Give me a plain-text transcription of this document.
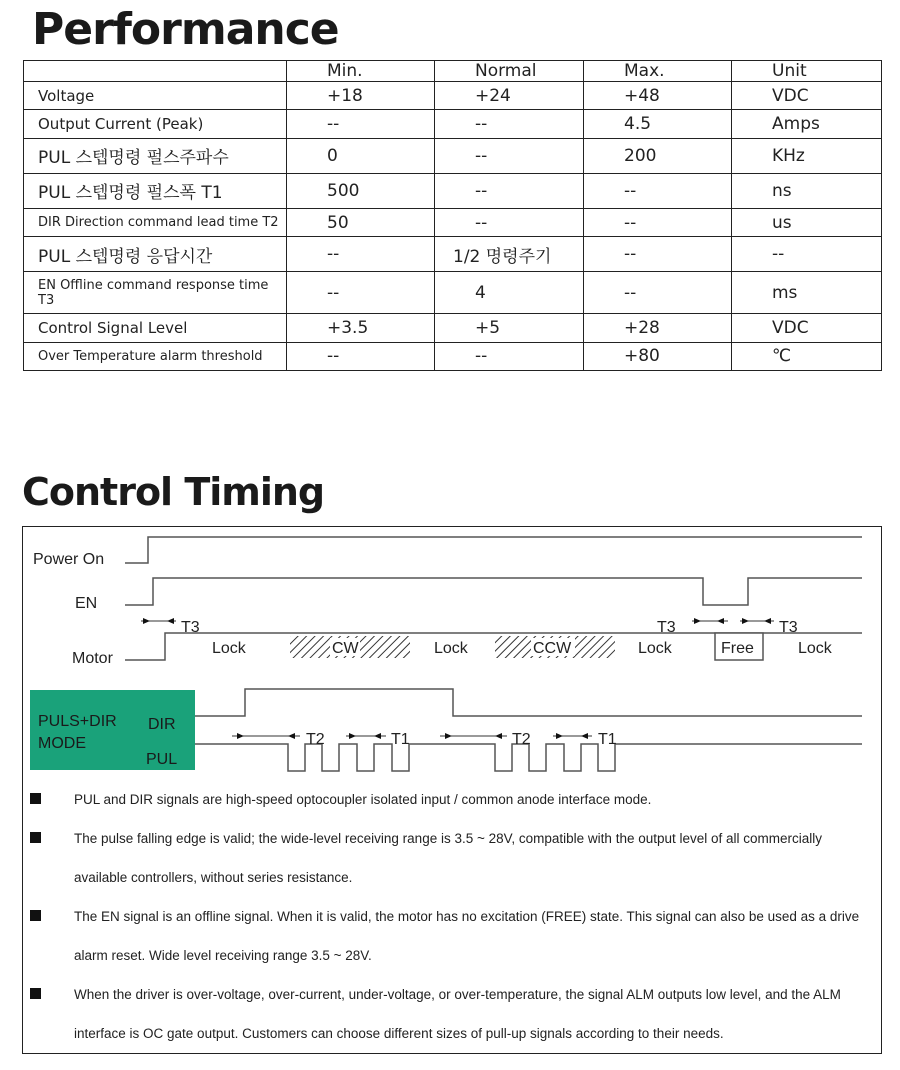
Performance
	Min.	Normal	Max.	Unit
Voltage	+18	+24	+48	VDC
Output Current (Peak)	--	--	4.5	Amps
PUL 스텝명령 펄스주파수	0	--	200	KHz
PUL 스텝명령 펄스폭 T1	500	--	--	ns
DIR Direction command lead time T2	50	--	--	us
PUL 스텝명령 응답시간	--	1/2 명령주기	--	--
EN Offline command response time T3	--	4	--	ms
Control Signal Level	+3.5	+5	+28	VDC
Over Temperature alarm threshold	--	--	+80	℃
Control Timing
Power On
EN
Motor
Lock	CW	Lock	CCW	Lock	Free	Lock
T3	T3	T3
PULS+DIR
MODE
DIR
PUL
T2	T1	T2	T1

PUL and DIR signals are high-speed optocoupler isolated input / common anode interface mode.

The pulse falling edge is valid; the wide-level receiving range is 3.5 ~ 28V, compatible with the output level of all commercially available controllers, without series resistance.

The EN signal is an offline signal. When it is valid, the motor has no excitation (FREE) state. This signal can also be used as a drive alarm reset. Wide level receiving range 3.5 ~ 28V.

When the driver is over-voltage, over-current, under-voltage, or over-temperature, the signal ALM outputs low level, and the ALM interface is OC gate output. Customers can choose different sizes of pull-up signals according to their needs.
